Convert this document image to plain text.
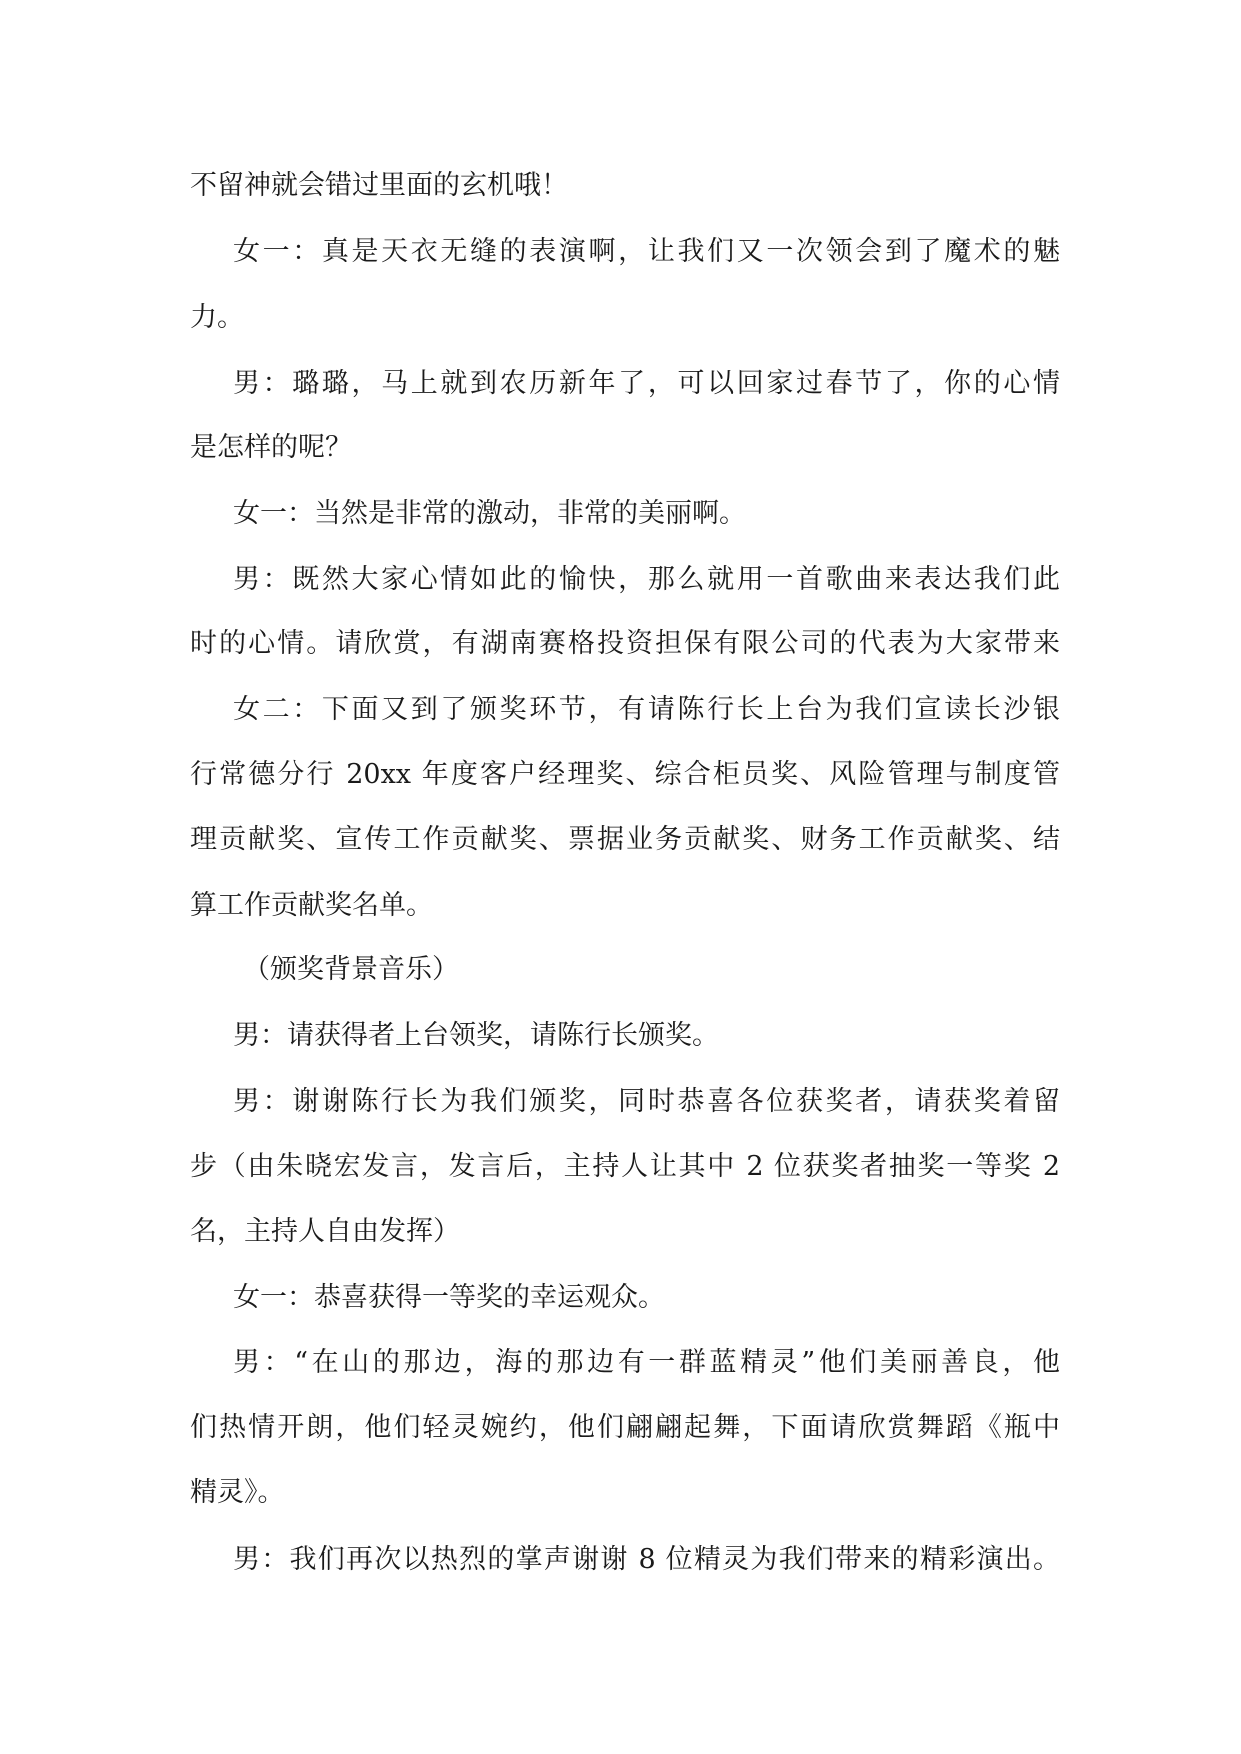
不留神就会错过里面的玄机哦！
女一：真是天衣无缝的表演啊，让我们又一次领会到了魔术的魅
力。
男：璐璐，马上就到农历新年了，可以回家过春节了，你的心情
是怎样的呢？
女一：当然是非常的激动，非常的美丽啊。
男：既然大家心情如此的愉快，那么就用一首歌曲来表达我们此
时的心情。请欣赏，有湖南赛格投资担保有限公司的代表为大家带来
女二：下面又到了颁奖环节，有请陈行长上台为我们宣读长沙银
行常德分行 20xx 年度客户经理奖、综合柜员奖、风险管理与制度管
理贡献奖、宣传工作贡献奖、票据业务贡献奖、财务工作贡献奖、结
算工作贡献奖名单。
（颁奖背景音乐）
男：请获得者上台领奖，请陈行长颁奖。
男：谢谢陈行长为我们颁奖，同时恭喜各位获奖者，请获奖着留
步（由朱晓宏发言，发言后，主持人让其中 2 位获奖者抽奖一等奖 2
名，主持人自由发挥）
女一：恭喜获得一等奖的幸运观众。
男：“在山的那边，海的那边有一群蓝精灵”他们美丽善良，他
们热情开朗，他们轻灵婉约，他们翩翩起舞，下面请欣赏舞蹈《瓶中
精灵》。
男：我们再次以热烈的掌声谢谢 8 位精灵为我们带来的精彩演出。
